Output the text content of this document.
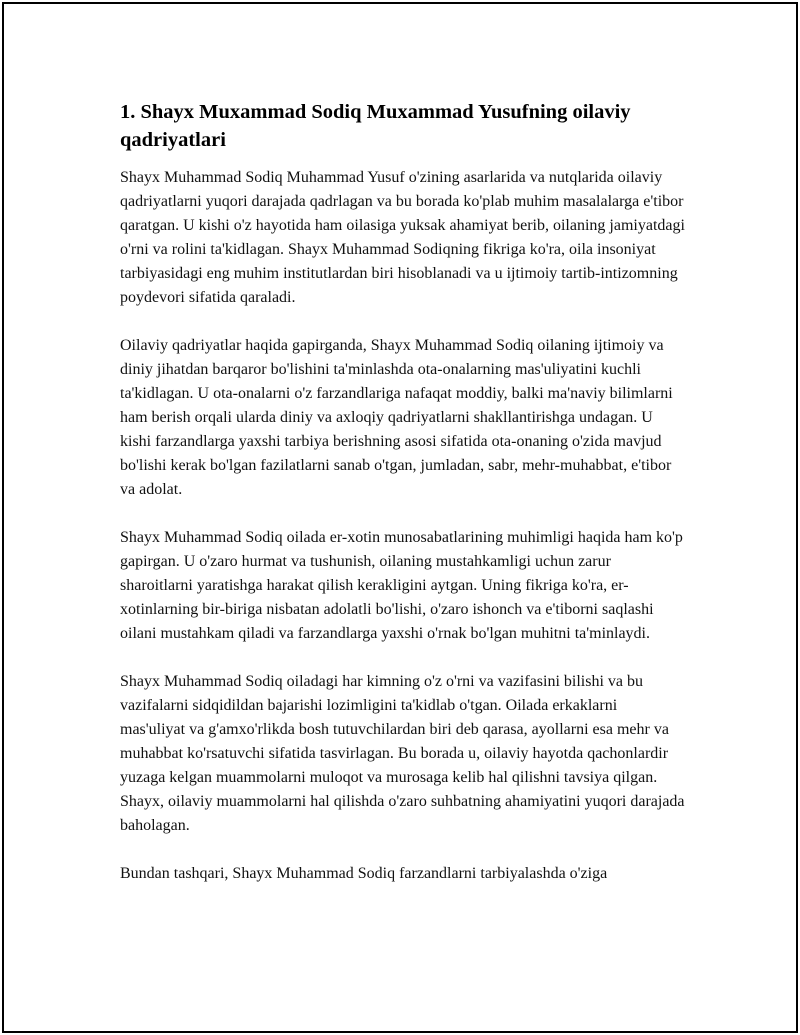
1. Shayx Muxammad Sodiq Muxammad Yusufning oilaviy qadriyatlari

Shayx Muhammad Sodiq Muhammad Yusuf o'zining asarlarida va nutqlarida oilaviy qadriyatlarni yuqori darajada qadrlagan va bu borada ko'plab muhim masalalarga e'tibor qaratgan. U kishi o'z hayotida ham oilasiga yuksak ahamiyat berib, oilaning jamiyatdagi o'rni va rolini ta'kidlagan. Shayx Muhammad Sodiqning fikriga ko'ra, oila insoniyat tarbiyasidagi eng muhim institutlardan biri hisoblanadi va u ijtimoiy tartib-intizomning poydevori sifatida qaraladi.

Oilaviy qadriyatlar haqida gapirganda, Shayx Muhammad Sodiq oilaning ijtimoiy va diniy jihatdan barqaror bo'lishini ta'minlashda ota-onalarning mas'uliyatini kuchli ta'kidlagan. U ota-onalarni o'z farzandlariga nafaqat moddiy, balki ma'naviy bilimlarni ham berish orqali ularda diniy va axloqiy qadriyatlarni shakllantirishga undagan. U kishi farzandlarga yaxshi tarbiya berishning asosi sifatida ota-onaning o'zida mavjud bo'lishi kerak bo'lgan fazilatlarni sanab o'tgan, jumladan, sabr, mehr-muhabbat, e'tibor va adolat.

Shayx Muhammad Sodiq oilada er-xotin munosabatlarining muhimligi haqida ham ko'p gapirgan. U o'zaro hurmat va tushunish, oilaning mustahkamligi uchun zarur sharoitlarni yaratishga harakat qilish kerakligini aytgan. Uning fikriga ko'ra, er-xotinlarning bir-biriga nisbatan adolatli bo'lishi, o'zaro ishonch va e'tiborni saqlashi oilani mustahkam qiladi va farzandlarga yaxshi o'rnak bo'lgan muhitni ta'minlaydi.

Shayx Muhammad Sodiq oiladagi har kimning o'z o'rni va vazifasini bilishi va bu vazifalarni sidqidildan bajarishi lozimligini ta'kidlab o'tgan. Oilada erkaklarni mas'uliyat va g'amxo'rlikda bosh tutuvchilardan biri deb qarasa, ayollarni esa mehr va muhabbat ko'rsatuvchi sifatida tasvirlagan. Bu borada u, oilaviy hayotda qachonlardir yuzaga kelgan muammolarni muloqot va murosaga kelib hal qilishni tavsiya qilgan. Shayx, oilaviy muammolarni hal qilishda o'zaro suhbatning ahamiyatini yuqori darajada baholagan.

Bundan tashqari, Shayx Muhammad Sodiq farzandlarni tarbiyalashda o'ziga
